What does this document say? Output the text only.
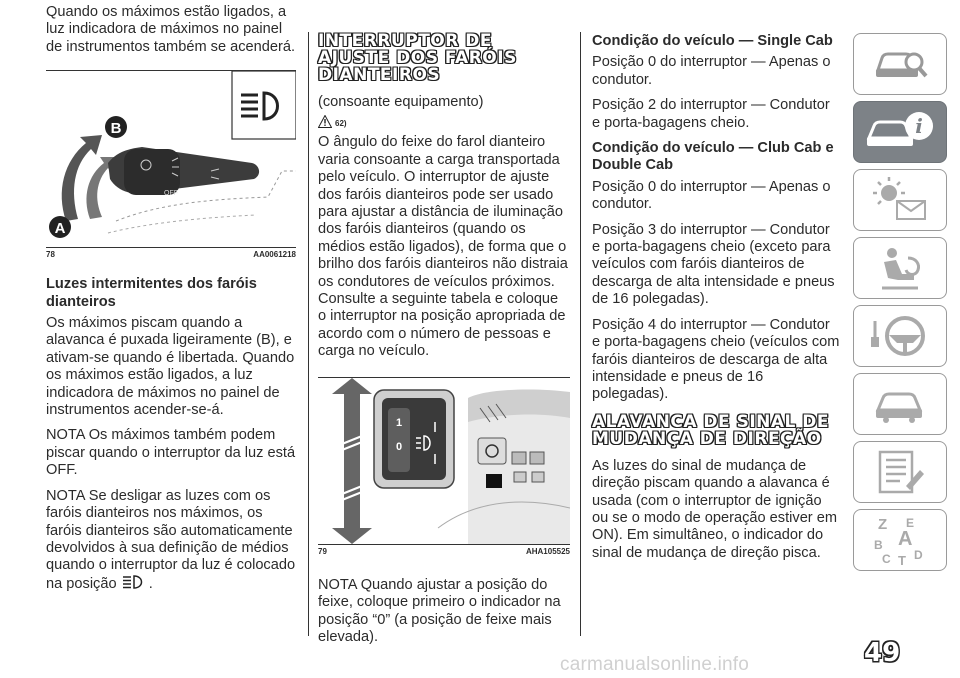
Quando os máximos estão ligados, a luz indicadora de máximos no painel de instrumentos também se acenderá.

OFF
B
A
78	AA0061218
Luzes intermitentes dos faróis dianteiros

Os máximos piscam quando a alavanca é puxada ligeiramente (B), e ativam-se quando é libertada. Quando os máximos estão ligados, a luz indicadora de máximos no painel de instrumentos acender-se-á.

NOTA Os máximos também podem piscar quando o interruptor da luz está OFF.

NOTA Se desligar as luzes com os faróis dianteiros nos máximos, os faróis dianteiros são automaticamente devolvidos à sua definição de médios quando o interruptor da luz é colocado na posição .

INTERRUPTOR DE AJUSTE DOS FARÓIS DIANTEIROS

(consoante equipamento)

62)

O ângulo do feixe do farol dianteiro varia consoante a carga transportada pelo veículo. O interruptor de ajuste dos faróis dianteiros pode ser usado para ajustar a distância de iluminação dos faróis dianteiros (quando os médios estão ligados), de forma que o brilho dos faróis dianteiros não distraia os condutores de veículos próximos. Consulte a seguinte tabela e coloque o interruptor na posição apropriada de acordo com o número de pessoas e carga no veículo.

1
0
79	AHA105525

NOTA Quando ajustar a posição do feixe, coloque primeiro o indicador na posição “0” (a posição de feixe mais elevada).

Condição do veículo — Single Cab

Posição 0 do interruptor — Apenas o condutor.

Posição 2 do interruptor — Condutor e porta-bagagens cheio.

Condição do veículo — Club Cab e Double Cab

Posição 0 do interruptor — Apenas o condutor.

Posição 3 do interruptor — Condutor e porta-bagagens cheio (exceto para veículos com faróis dianteiros de descarga de alta intensidade e pneus de 16 polegadas).

Posição 4 do interruptor — Condutor e porta-bagagens cheio (veículos com faróis dianteiros de descarga de alta intensidade e pneus de 16 polegadas).

ALAVANCA DE SINAL DE MUDANÇA DE DIREÇÃO

As luzes do sinal de mudança de direção piscam quando a alavanca é usada (com o interruptor de ignição ou se o modo de operação estiver em ON). Em simultâneo, o indicador do sinal de mudança de direção pisca.

i
Z E
A
B
C T D
carmanualsonline.info	49
